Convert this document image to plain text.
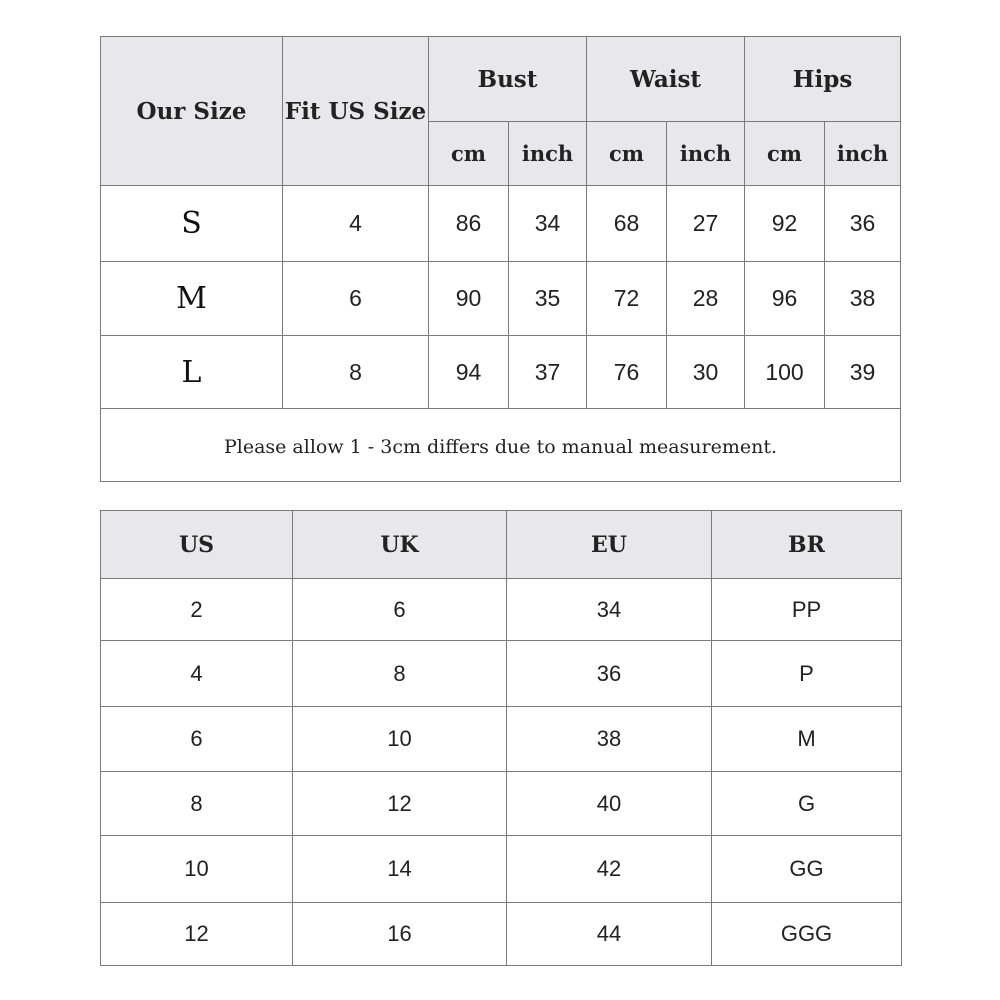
Our Size	Fit US Size	Bust		Waist		Hips	
		cm	inch	cm	inch	cm	inch
S	4	86	34	68	27	92	36
M	6	90	35	72	28	96	38
L	8	94	37	76	30	100	39
Please allow 1 - 3cm differs due to manual measurement.							
US	UK	EU	BR
2	6	34	PP
4	8	36	P
6	10	38	M
8	12	40	G
10	14	42	GG
12	16	44	GGG
